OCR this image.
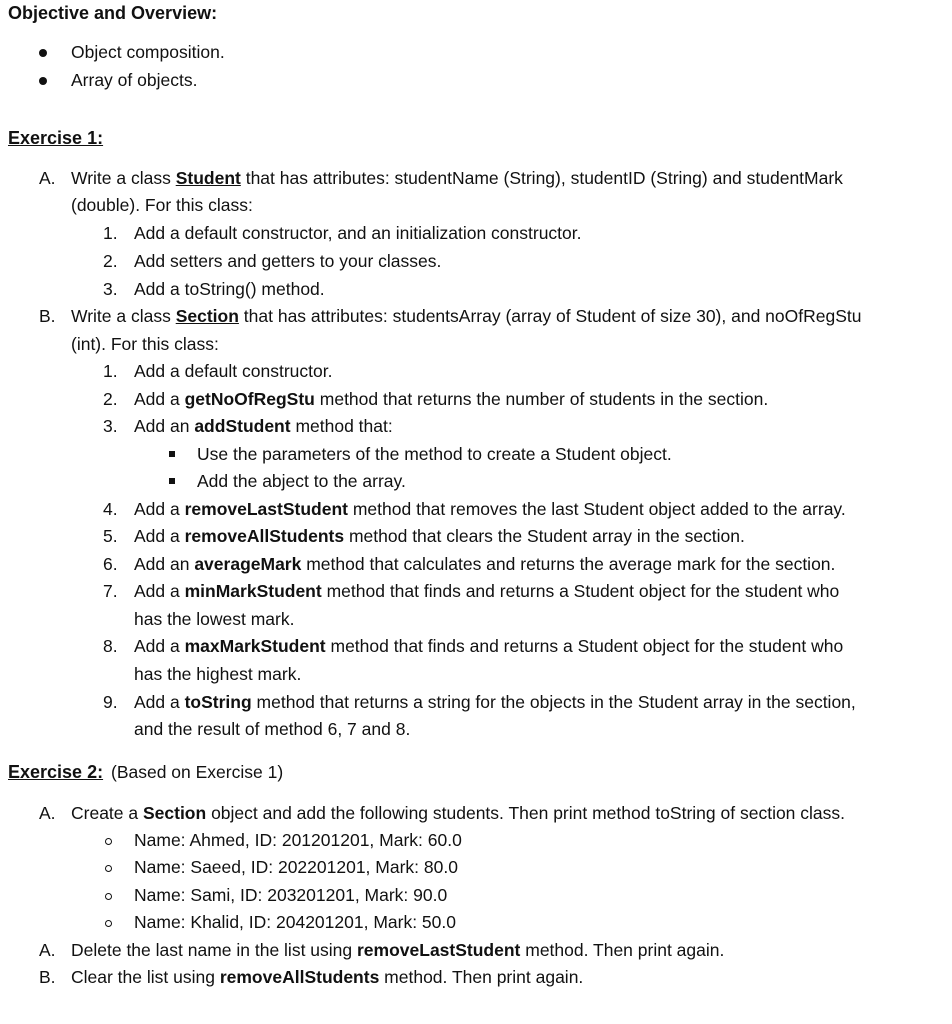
Objective and Overview:
Object composition.
Array of objects.
Exercise 1:
A. Write a class Student that has attributes: studentName (String), studentID (String) and studentMark
(double). For this class:
1. Add a default constructor, and an initialization constructor.
2. Add setters and getters to your classes.
3. Add a toString() method.
B. Write a class Section that has attributes: studentsArray (array of Student of size 30), and noOfRegStu
(int). For this class:
1. Add a default constructor.
2. Add a getNoOfRegStu method that returns the number of students in the section.
3. Add an addStudent method that:
Use the parameters of the method to create a Student object.
Add the abject to the array.
4. Add a removeLastStudent method that removes the last Student object added to the array.
5. Add a removeAllStudents method that clears the Student array in the section.
6. Add an averageMark method that calculates and returns the average mark for the section.
7. Add a minMarkStudent method that finds and returns a Student object for the student who
has the lowest mark.
8. Add a maxMarkStudent method that finds and returns a Student object for the student who
has the highest mark.
9. Add a toString method that returns a string for the objects in the Student array in the section,
and the result of method 6, 7 and 8.
Exercise 2: (Based on Exercise 1)
A. Create a Section object and add the following students. Then print method toString of section class.
Name: Ahmed, ID: 201201201, Mark: 60.0
Name: Saeed, ID: 202201201, Mark: 80.0
Name: Sami, ID: 203201201, Mark: 90.0
Name: Khalid, ID: 204201201, Mark: 50.0
A. Delete the last name in the list using removeLastStudent method. Then print again.
B. Clear the list using removeAllStudents method. Then print again.
